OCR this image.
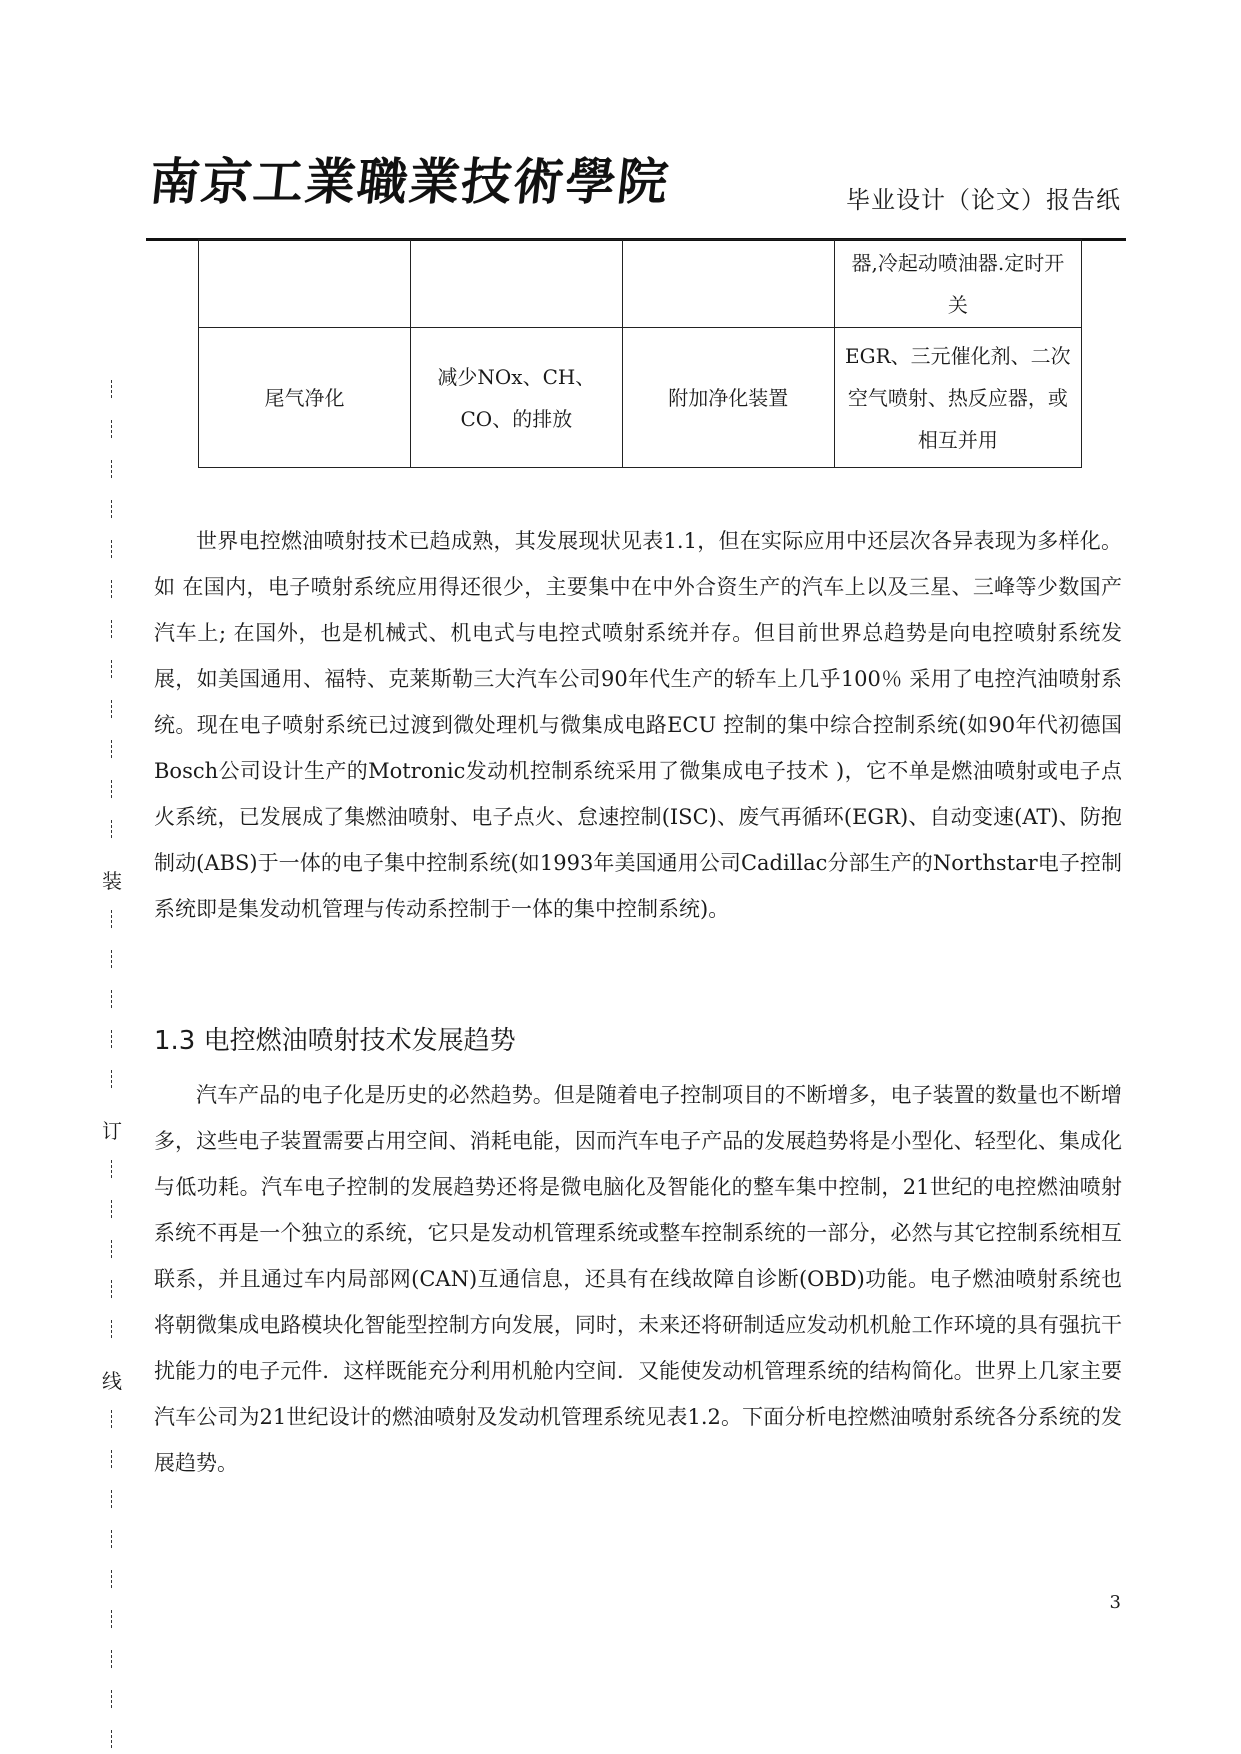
南京工業職業技術學院	毕业设计（论文）报告纸
装
订
线
			器,冷起动喷油器.定时开关
尾气净化	减少NOx、CH、CO、的排放	附加净化装置	EGR、三元催化剂、二次空气喷射、热反应器，或相互并用

世界电控燃油喷射技术已趋成熟，其发展现状见表1.1，但在实际应用中还层次各异表现为多样化。如 在国内，电子喷射系统应用得还很少，主要集中在中外合资生产的汽车上以及三星、三峰等少数国产汽车上; 在国外，也是机械式、机电式与电控式喷射系统并存。但目前世界总趋势是向电控喷射系统发展，如美国通用、福特、克莱斯勒三大汽车公司90年代生产的轿车上几乎100％ 采用了电控汽油喷射系统。现在电子喷射系统已过渡到微处理机与微集成电路ECU 控制的集中综合控制系统(如90年代初德国Bosch公司设计生产的Motronic发动机控制系统采用了微集成电子技术 )，它不单是燃油喷射或电子点火系统，已发展成了集燃油喷射、电子点火、怠速控制(ISC)、废气再循环(EGR)、自动变速(AT)、防抱制动(ABS)于一体的电子集中控制系统(如1993年美国通用公司Cadillac分部生产的Northstar电子控制系统即是集发动机管理与传动系控制于一体的集中控制系统)。

1.3 电控燃油喷射技术发展趋势

汽车产品的电子化是历史的必然趋势。但是随着电子控制项目的不断增多，电子装置的数量也不断增多，这些电子装置需要占用空间、消耗电能，因而汽车电子产品的发展趋势将是小型化、轻型化、集成化与低功耗。汽车电子控制的发展趋势还将是微电脑化及智能化的整车集中控制，21世纪的电控燃油喷射系统不再是一个独立的系统，它只是发动机管理系统或整车控制系统的一部分，必然与其它控制系统相互联系，并且通过车内局部网(CAN)互通信息，还具有在线故障自诊断(OBD)功能。电子燃油喷射系统也将朝微集成电路模块化智能型控制方向发展，同时，未来还将研制适应发动机机舱工作环境的具有强抗干扰能力的电子元件．这样既能充分利用机舱内空间．又能使发动机管理系统的结构简化。世界上几家主要汽车公司为21世纪设计的燃油喷射及发动机管理系统见表1.2。下面分析电控燃油喷射系统各分系统的发展趋势。

3
